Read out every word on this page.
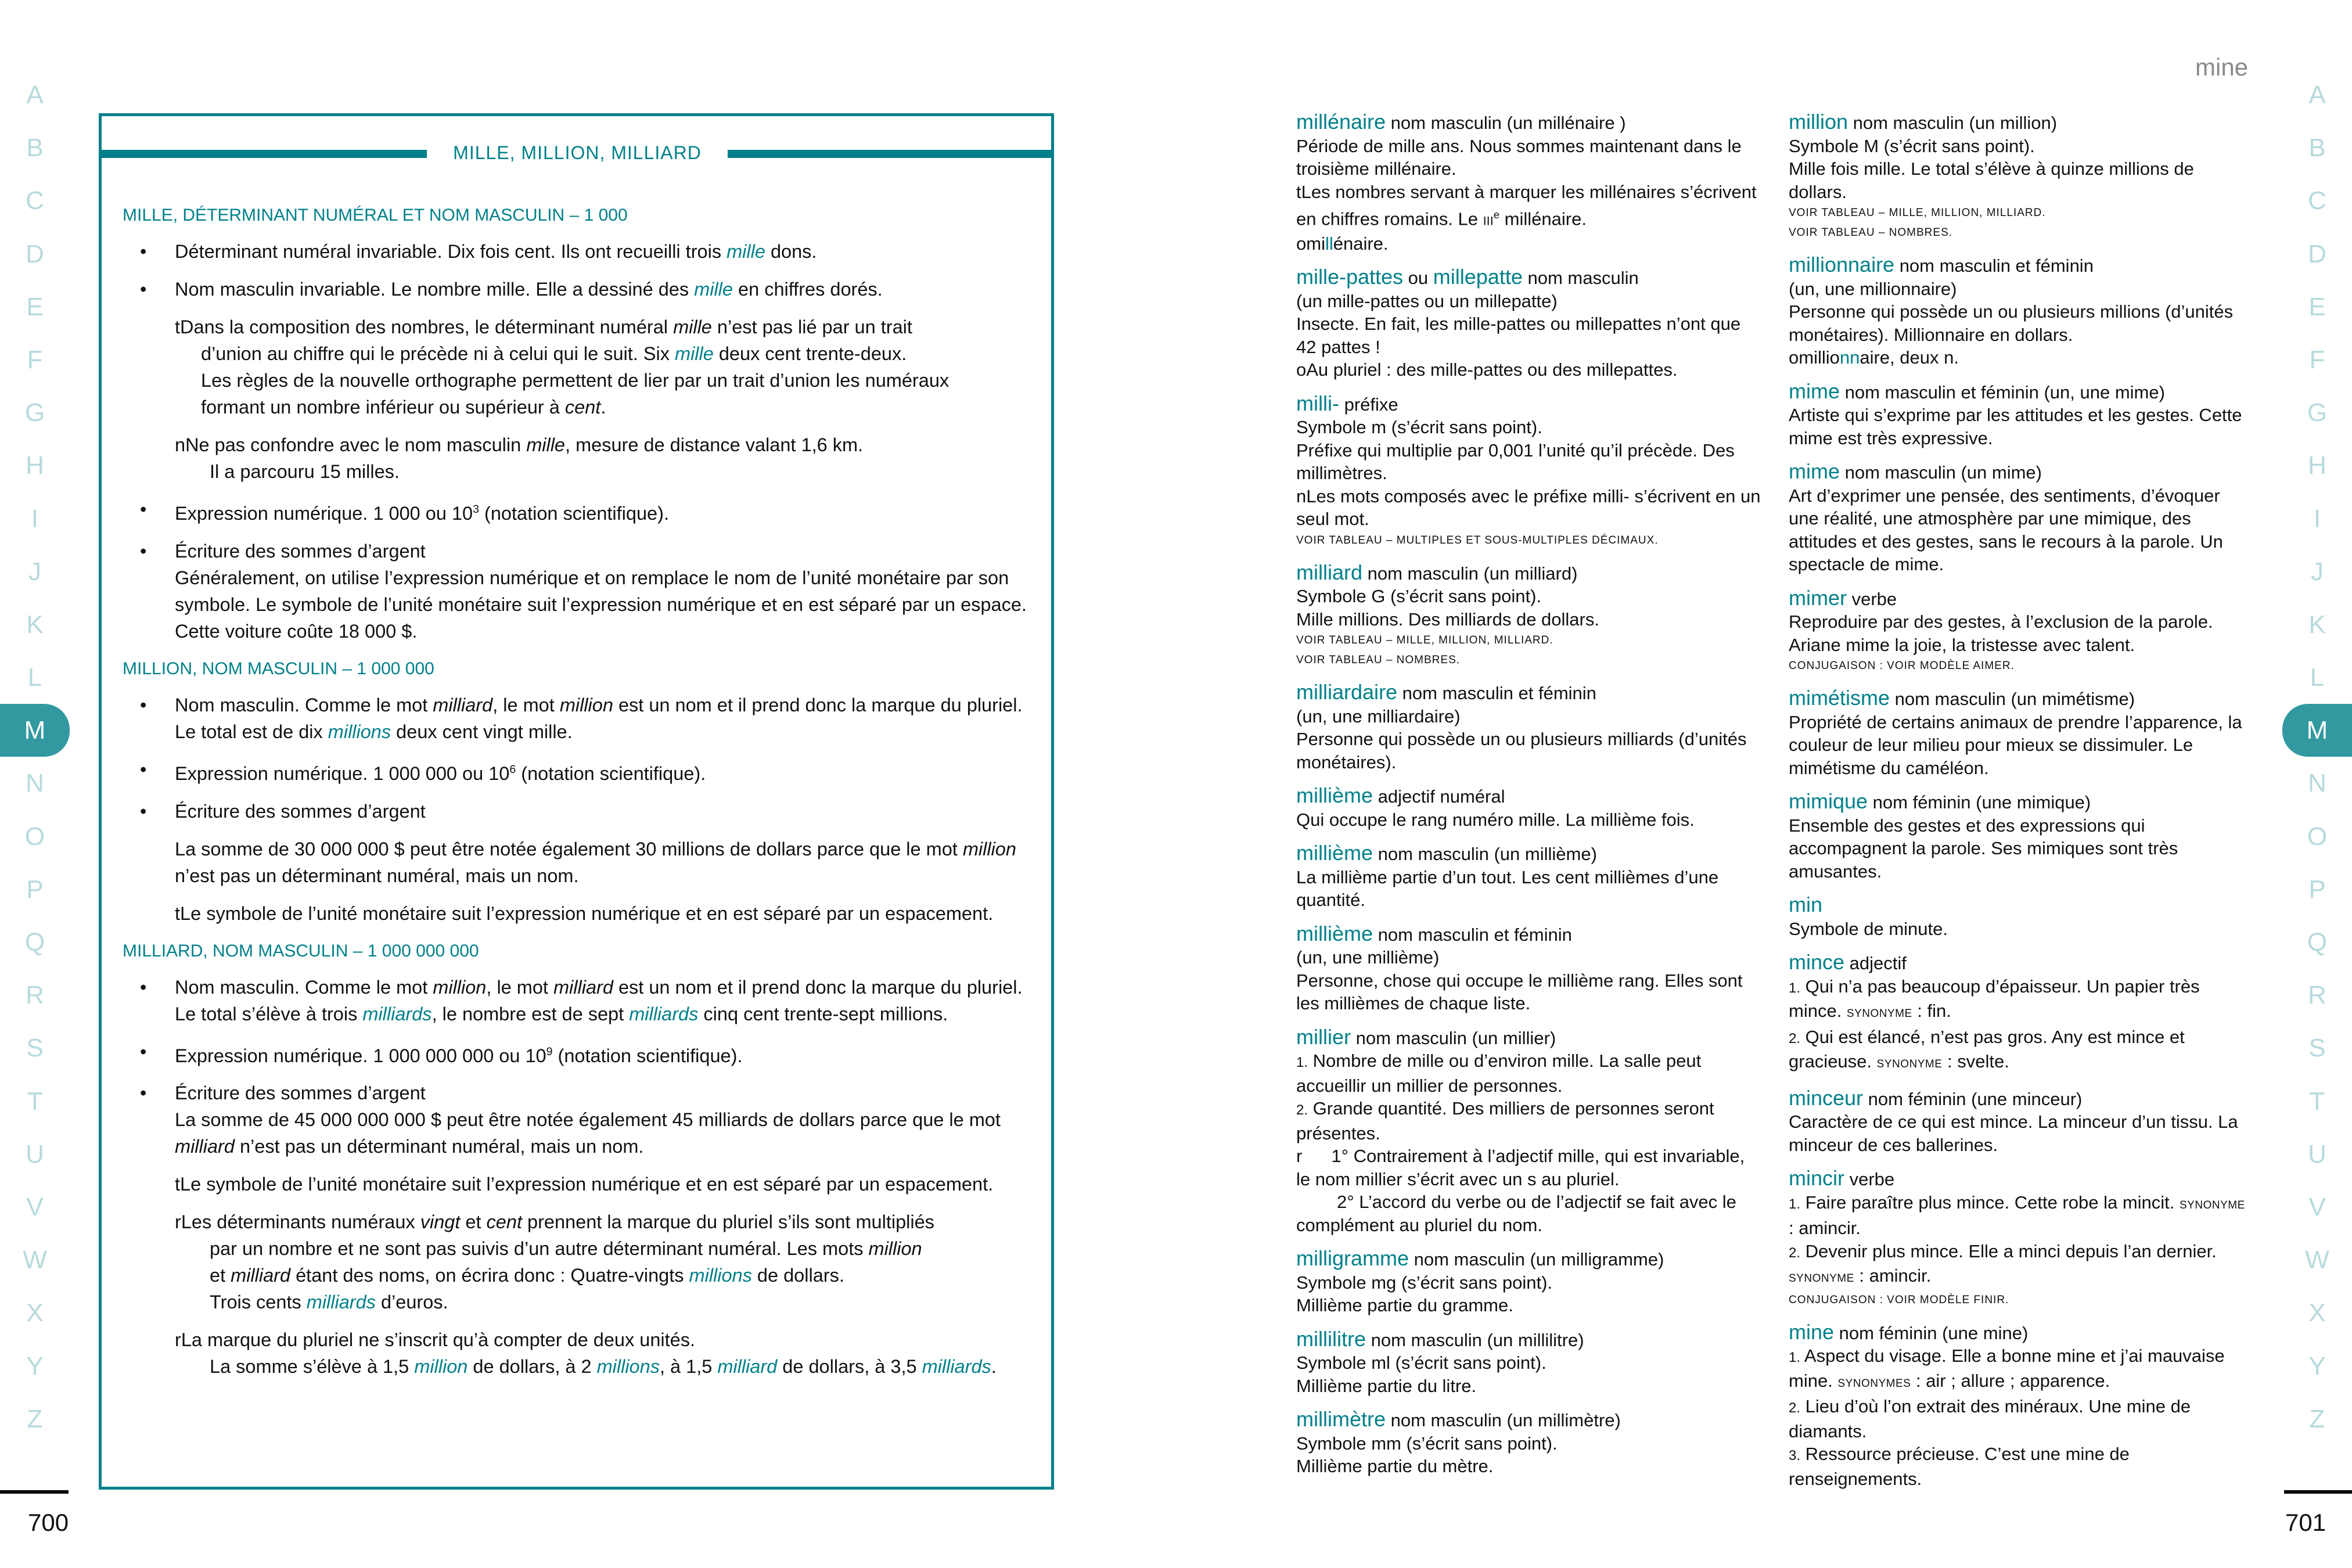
A
B
C
D
E
F
G
H
I
J
K
L
M
N
O
P
Q
R
S
T
U
V
W
X
Y
Z
A
B
C
D
E
F
G
H
I
J
K
L
M
N
O
P
Q
R
S
T
U
V
W
X
Y
Z
700	701
mine
MILLE, MILLION, MILLIARD
MILLE, DÉTERMINANT NUMÉRAL ET NOM MASCULIN – 1 000
• Déterminant numéral invariable. Dix fois cent. Ils ont recueilli trois mille dons.
• Nom masculin invariable. Le nombre mille. Elle a dessiné des mille en chiffres dorés.
tDans la composition des nombres, le déterminant numéral mille n’est pas lié par un trait
d’union au chiffre qui le précède ni à celui qui le suit. Six mille deux cent trente-deux.
Les règles de la nouvelle orthographe permettent de lier par un trait d’union les numéraux
formant un nombre inférieur ou supérieur à cent.
nNe pas confondre avec le nom masculin mille, mesure de distance valant 1,6 km.
Il a parcouru 15 milles.
• Expression numérique. 1 000 ou $10^3$ (notation scientifique).
• Écriture des sommes d’argent
Généralement, on utilise l’expression numérique et on remplace le nom de l’unité monétaire par son symbole. Le symbole de l’unité monétaire suit l’expression numérique et en est séparé par un espace. Cette voiture coûte 18 000 $.
MILLION, NOM MASCULIN – 1 000 000
• Nom masculin. Comme le mot milliard, le mot million est un nom et il prend donc la marque du pluriel. Le total est de dix millions deux cent vingt mille.
• Expression numérique. 1 000 000 ou $10^6$ (notation scientifique).
• Écriture des sommes d’argent
La somme de 30 000 000 $ peut être notée également 30 millions de dollars parce que le mot million n’est pas un déterminant numéral, mais un nom.
tLe symbole de l’unité monétaire suit l’expression numérique et en est séparé par un espacement.
MILLIARD, NOM MASCULIN – 1 000 000 000
• Nom masculin. Comme le mot million, le mot milliard est un nom et il prend donc la marque du pluriel. Le total s’élève à trois milliards, le nombre est de sept milliards cinq cent trente-sept millions.
• Expression numérique. 1 000 000 000 ou $10^9$ (notation scientifique).
• Écriture des sommes d’argent
La somme de 45 000 000 000 $ peut être notée également 45 milliards de dollars parce que le mot milliard n’est pas un déterminant numéral, mais un nom.
tLe symbole de l’unité monétaire suit l’expression numérique et en est séparé par un espacement.
rLes déterminants numéraux vingt et cent prennent la marque du pluriel s’ils sont multipliés
par un nombre et ne sont pas suivis d’un autre déterminant numéral. Les mots million
et milliard étant des noms, on écrira donc : Quatre-vingts millions de dollars.
Trois cents milliards d’euros.
rLa marque du pluriel ne s’inscrit qu’à compter de deux unités.
La somme s’élève à 1,5 million de dollars, à 2 millions, à 1,5 milliard de dollars, à 3,5 milliards.

millénaire nom masculin (un millénaire )

Période de mille ans. Nous sommes maintenant dans le troisième millénaire.

tLes nombres servant à marquer les millénaires s’écrivent en chiffres romains. Le IIIe millénaire.

omillénaire.

mille-pattes ou millepatte nom masculin

(un mille-pattes ou un millepatte)

Insecte. En fait, les mille-pattes ou millepattes n’ont que 42 pattes !

oAu pluriel : des mille-pattes ou des millepattes.

milli- préfixe

Symbole m (s’écrit sans point).

Préfixe qui multiplie par 0,001 l’unité qu’il précède. Des millimètres.

nLes mots composés avec le préfixe milli- s’écrivent en un seul mot.

VOIR TABLEAU – MULTIPLES ET SOUS-MULTIPLES DÉCIMAUX.

milliard nom masculin (un milliard)

Symbole G (s’écrit sans point).

Mille millions. Des milliards de dollars.

VOIR TABLEAU – MILLE, MILLION, MILLIARD.
VOIR TABLEAU – NOMBRES.

milliardaire nom masculin et féminin

(un, une milliardaire)

Personne qui possède un ou plusieurs milliards (d’unités monétaires).

millième adjectif numéral

Qui occupe le rang numéro mille. La millième fois.

millième nom masculin (un millième)

La millième partie d’un tout. Les cent millièmes d’une quantité.

millième nom masculin et féminin

(un, une millième)

Personne, chose qui occupe le millième rang. Elles sont les millièmes de chaque liste.

millier nom masculin (un millier)

1. Nombre de mille ou d’environ mille. La salle peut accueillir un millier de personnes.

2. Grande quantité. Des milliers de personnes seront présentes.

r 1° Contrairement à l’adjectif mille, qui est invariable, le nom millier s’écrit avec un s au pluriel.

2° L’accord du verbe ou de l’adjectif se fait avec le complément au pluriel du nom.

milligramme nom masculin (un milligramme)

Symbole mg (s’écrit sans point).

Millième partie du gramme.

millilitre nom masculin (un millilitre)

Symbole ml (s’écrit sans point).

Millième partie du litre.

millimètre nom masculin (un millimètre)

Symbole mm (s’écrit sans point).

Millième partie du mètre.

million nom masculin (un million)

Symbole M (s’écrit sans point).

Mille fois mille. Le total s’élève à quinze millions de dollars.

VOIR TABLEAU – MILLE, MILLION, MILLIARD.
VOIR TABLEAU – NOMBRES.

millionnaire nom masculin et féminin

(un, une millionnaire)

Personne qui possède un ou plusieurs millions (d’unités monétaires). Millionnaire en dollars.

omillionnaire, deux n.

mime nom masculin et féminin (un, une mime)

Artiste qui s’exprime par les attitudes et les gestes. Cette mime est très expressive.

mime nom masculin (un mime)

Art d’exprimer une pensée, des sentiments, d’évoquer une réalité, une atmosphère par une mimique, des attitudes et des gestes, sans le recours à la parole. Un spectacle de mime.

mimer verbe

Reproduire par des gestes, à l’exclusion de la parole. Ariane mime la joie, la tristesse avec talent.

CONJUGAISON : VOIR MODÈLE AIMER.

mimétisme nom masculin (un mimétisme)

Propriété de certains animaux de prendre l’apparence, la couleur de leur milieu pour mieux se dissimuler. Le mimétisme du caméléon.

mimique nom féminin (une mimique)

Ensemble des gestes et des expressions qui accompagnent la parole. Ses mimiques sont très amusantes.

min

Symbole de minute.

mince adjectif

1. Qui n’a pas beaucoup d’épaisseur. Un papier très mince. SYNONYME : fin.

2. Qui est élancé, n’est pas gros. Any est mince et gracieuse. SYNONYME : svelte.

minceur nom féminin (une minceur)

Caractère de ce qui est mince. La minceur d’un tissu. La minceur de ces ballerines.

mincir verbe

1. Faire paraître plus mince. Cette robe la mincit. SYNONYME : amincir.

2. Devenir plus mince. Elle a minci depuis l’an dernier. SYNONYME : amincir.

CONJUGAISON : VOIR MODÈLE FINIR.

mine nom féminin (une mine)

1. Aspect du visage. Elle a bonne mine et j’ai mauvaise mine. SYNONYMES : air ; allure ; apparence.

2. Lieu d’où l’on extrait des minéraux. Une mine de diamants.

3. Ressource précieuse. C’est une mine de renseignements.
